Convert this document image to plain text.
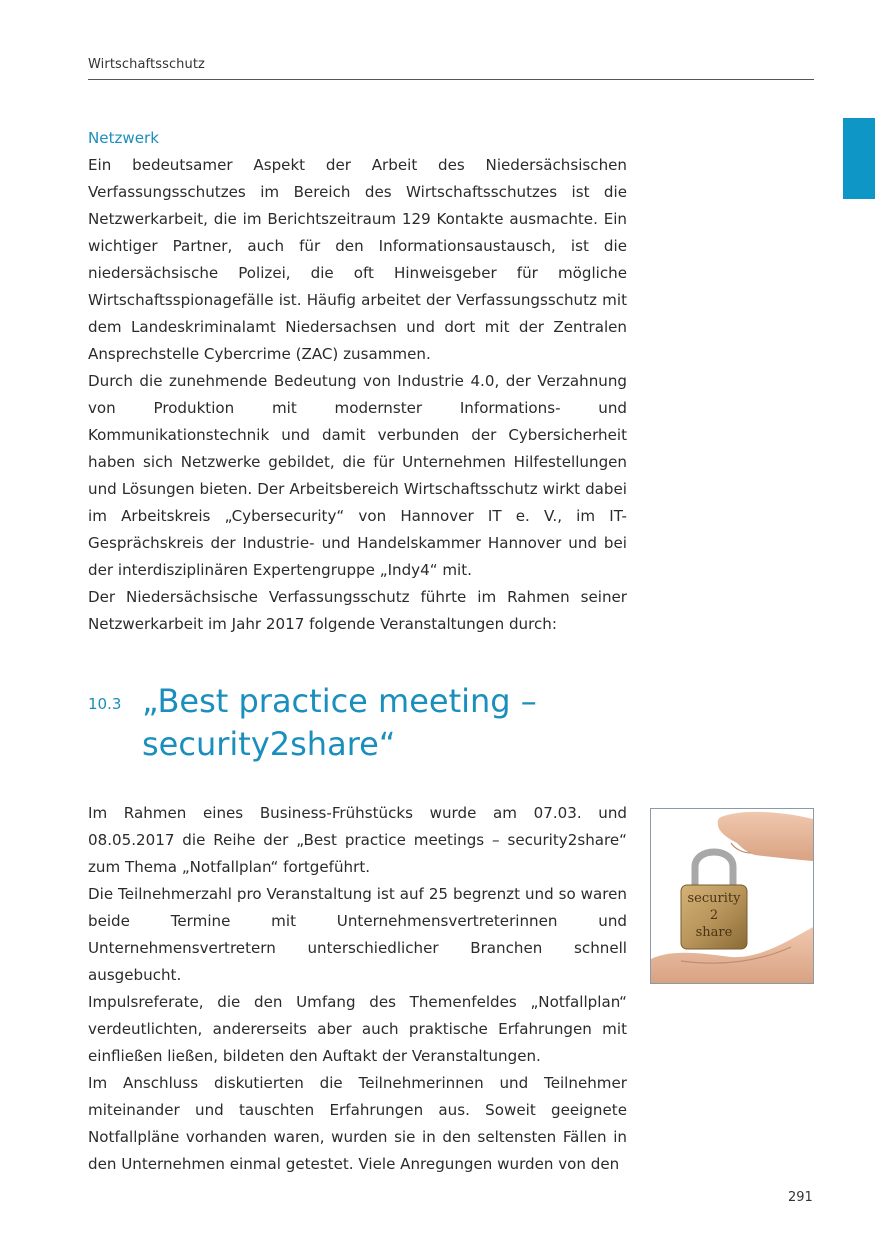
Wirtschaftsschutz

Netzwerk

Ein bedeutsamer Aspekt der Arbeit des Niedersächsischen Verfassungsschutzes im Bereich des Wirtschaftsschutzes ist die Netzwerkarbeit, die im Berichtszeitraum 129 Kontakte ausmachte. Ein wichtiger Partner, auch für den Informationsaustausch, ist die niedersächsische Polizei, die oft Hinweisgeber für mögliche Wirtschaftsspionagefälle ist. Häufig arbeitet der Verfassungsschutz mit dem Landeskriminalamt Niedersachsen und dort mit der Zentralen Ansprechstelle Cybercrime (ZAC) zusammen.

Durch die zunehmende Bedeutung von Industrie 4.0, der Verzahnung von Produktion mit modernster Informations- und Kommunikationstechnik und damit verbunden der Cybersicherheit haben sich Netzwerke gebildet, die für Unternehmen Hilfestellungen und Lösungen bieten. Der Arbeitsbereich Wirtschaftsschutz wirkt dabei im Arbeitskreis „Cybersecurity“ von Hannover IT e. V., im IT-Gesprächskreis der Industrie- und Handelskammer Hannover und bei der interdisziplinären Expertengruppe „Indy4“ mit.

Der Niedersächsische Verfassungsschutz führte im Rahmen seiner Netzwerkarbeit im Jahr 2017 folgende Veranstaltungen durch:

10.3 „Best practice meeting –
security2share“

Im Rahmen eines Business-Frühstücks wurde am 07.03. und 08.05.2017 die Reihe der „Best practice meetings – security2share“ zum Thema „Notfallplan“ fortgeführt.

Die Teilnehmerzahl pro Veranstaltung ist auf 25 begrenzt und so waren beide Termine mit Unternehmensvertreterinnen und Unternehmensvertretern unterschiedlicher Branchen schnell ausgebucht.

Impulsreferate, die den Umfang des Themenfeldes „Notfallplan“ verdeutlichten, andererseits aber auch praktische Erfahrungen mit einfließen ließen, bildeten den Auftakt der Veranstaltungen.

Im Anschluss diskutierten die Teilnehmerinnen und Teilnehmer miteinander und tauschten Erfahrungen aus. Soweit geeignete Notfallpläne vorhanden waren, wurden sie in den seltensten Fällen in den Unternehmen einmal getestet. Viele Anregungen wurden von den

security
2
share
291
